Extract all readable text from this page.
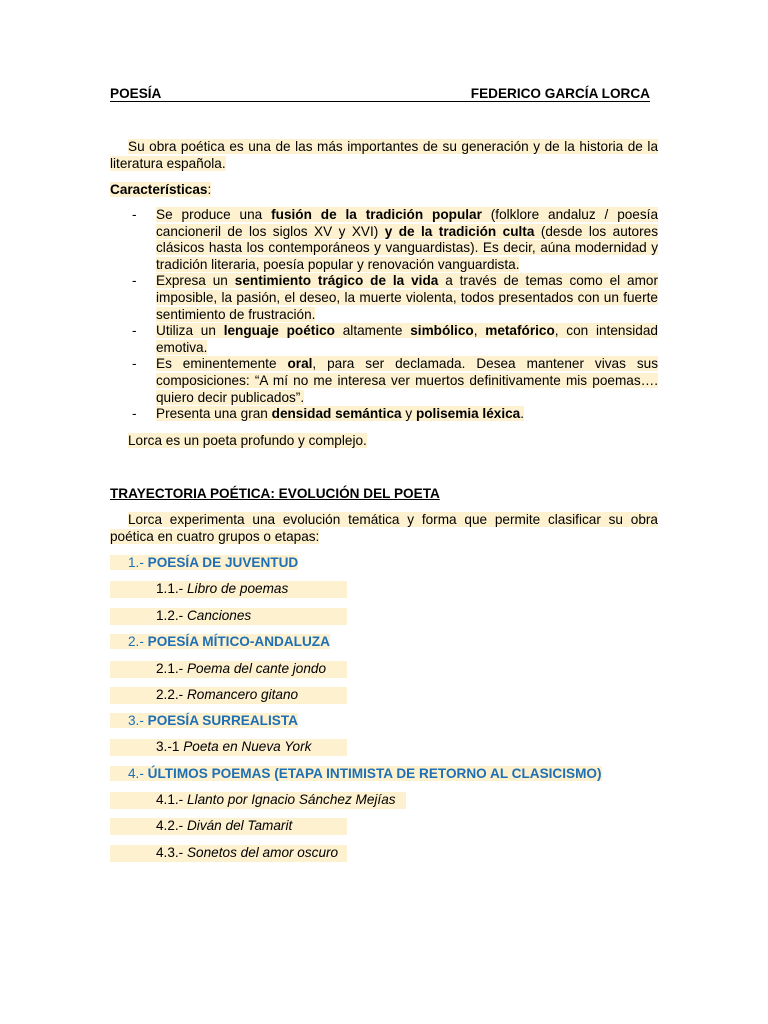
POESÍA	FEDERICO GARCÍA LORCA
Su obra poética es una de las más importantes de su generación y de la historia de la literatura española.
Características:
-	Se produce una fusión de la tradición popular (folklore andaluz / poesía cancioneril de los siglos XV y XVI) y de la tradición culta (desde los autores clásicos hasta los contemporáneos y vanguardistas). Es decir, aúna modernidad y tradición literaria, poesía popular y renovación vanguardista.
-	Expresa un sentimiento trágico de la vida a través de temas como el amor imposible, la pasión, el deseo, la muerte violenta, todos presentados con un fuerte sentimiento de frustración.
-	Utiliza un lenguaje poético altamente simbólico, metafórico, con intensidad emotiva.
-	Es eminentemente oral, para ser declamada. Desea mantener vivas sus composiciones: “A mí no me interesa ver muertos definitivamente mis poemas…. quiero decir publicados”.
-	Presenta una gran densidad semántica y polisemia léxica.
Lorca es un poeta profundo y complejo.
TRAYECTORIA POÉTICA: EVOLUCIÓN DEL POETA
Lorca experimenta una evolución temática y forma que permite clasificar su obra poética en cuatro grupos o etapas:
1.- POESÍA DE JUVENTUD
1.1.- Libro de poemas
1.2.- Canciones
2.- POESÍA MÍTICO-ANDALUZA
2.1.- Poema del cante jondo
2.2.- Romancero gitano
3.- POESÍA SURREALISTA
3.-1 Poeta en Nueva York
4.- ÚLTIMOS POEMAS (ETAPA INTIMISTA DE RETORNO AL CLASICISMO)
4.1.- Llanto por Ignacio Sánchez Mejías
4.2.- Diván del Tamarit
4.3.- Sonetos del amor oscuro
